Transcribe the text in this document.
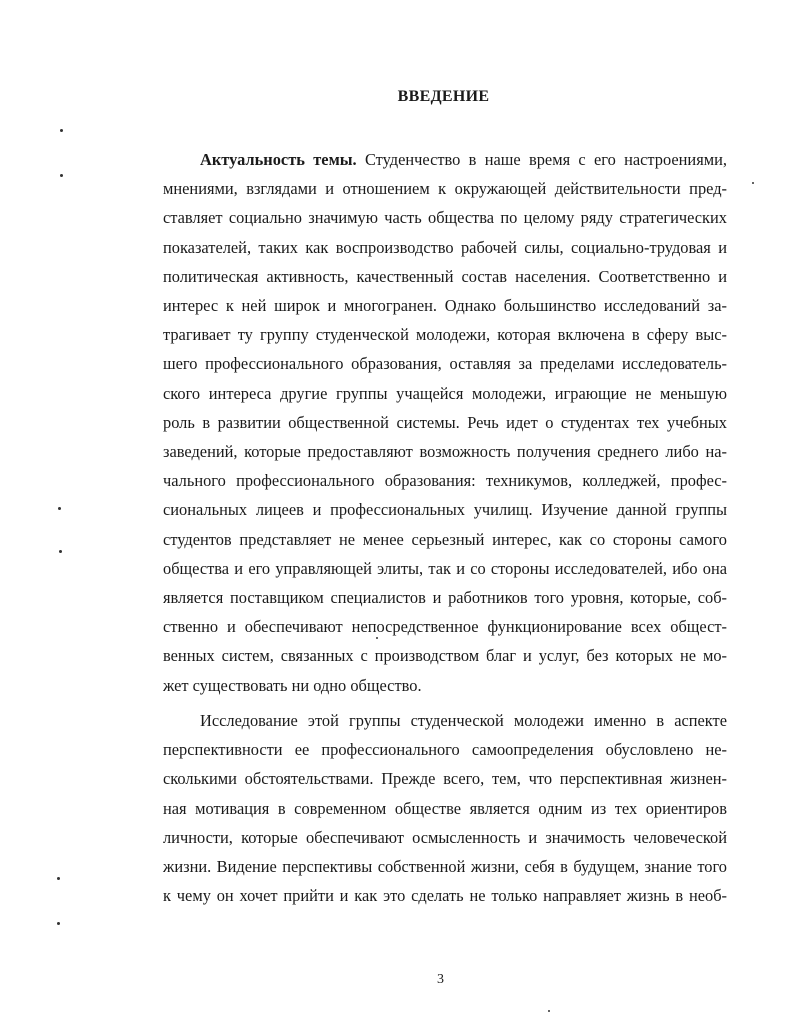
ВВЕДЕНИЕ
Актуальность темы. Студенчество в наше время с его настроениями,
мнениями, взглядами и отношением к окружающей действительности пред-
ставляет социально значимую часть общества по целому ряду стратегических
показателей, таких как воспроизводство рабочей силы, социально-трудовая и
политическая активность, качественный состав населения. Соответственно и
интерес к ней широк и многогранен. Однако большинство исследований за-
трагивает ту группу студенческой молодежи, которая включена в сферу выс-
шего профессионального образования, оставляя за пределами исследователь-
ского интереса другие группы учащейся молодежи, играющие не меньшую
роль в развитии общественной системы. Речь идет о студентах тех учебных
заведений, которые предоставляют возможность получения среднего либо на-
чального профессионального образования: техникумов, колледжей, профес-
сиональных лицеев и профессиональных училищ. Изучение данной группы
студентов представляет не менее серьезный интерес, как со стороны самого
общества и его управляющей элиты, так и со стороны исследователей, ибо она
является поставщиком специалистов и работников того уровня, которые, соб-
ственно и обеспечивают непосредственное функционирование всех общест-
венных систем, связанных с производством благ и услуг, без которых не мо-
жет существовать ни одно общество.
Исследование этой группы студенческой молодежи именно в аспекте
перспективности ее профессионального самоопределения обусловлено не-
сколькими обстоятельствами. Прежде всего, тем, что перспективная жизнен-
ная мотивация в современном обществе является одним из тех ориентиров
личности, которые обеспечивают осмысленность и значимость человеческой
жизни. Видение перспективы собственной жизни, себя в будущем, знание того
к чему он хочет прийти и как это сделать не только направляет жизнь в необ-
3
